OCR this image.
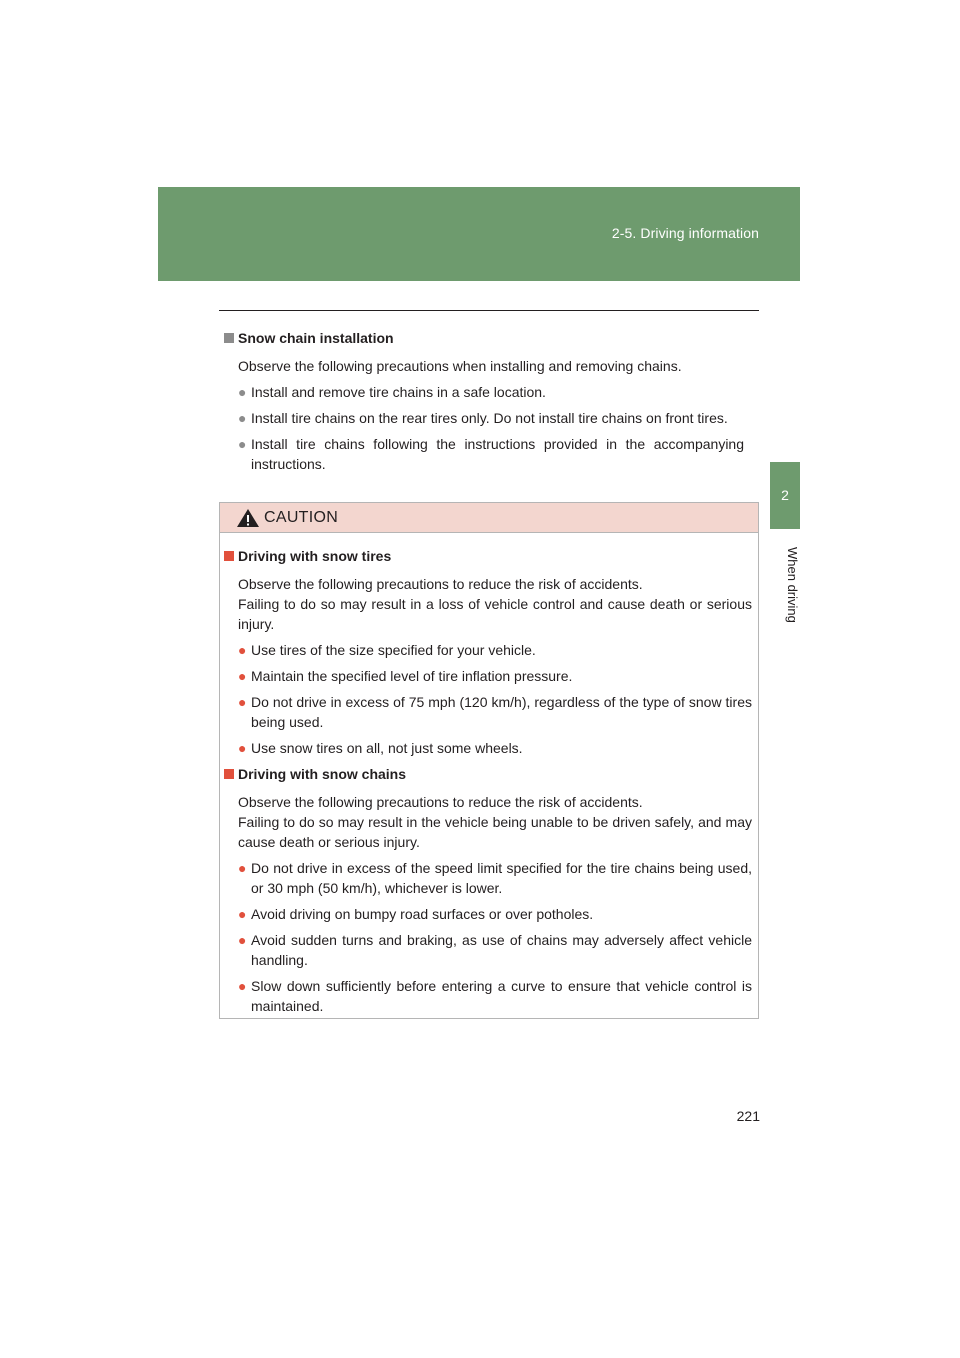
2-5. Driving information
2
When driving
Snow chain installation
Observe the following precautions when installing and removing chains.
● Install and remove tire chains in a safe location.
● Install tire chains on the rear tires only. Do not install tire chains on front tires.
● Install tire chains following the instructions provided in the accompanying instructions.
CAUTION
Driving with snow tires
Observe the following precautions to reduce the risk of accidents.
Failing to do so may result in a loss of vehicle control and cause death or serious injury.
● Use tires of the size specified for your vehicle.
● Maintain the specified level of tire inflation pressure.
● Do not drive in excess of 75 mph (120 km/h), regardless of the type of snow tires being used.
● Use snow tires on all, not just some wheels.
Driving with snow chains
Observe the following precautions to reduce the risk of accidents.
Failing to do so may result in the vehicle being unable to be driven safely, and may cause death or serious injury.
● Do not drive in excess of the speed limit specified for the tire chains being used, or 30 mph (50 km/h), whichever is lower.
● Avoid driving on bumpy road surfaces or over potholes.
● Avoid sudden turns and braking, as use of chains may adversely affect vehicle handling.
● Slow down sufficiently before entering a curve to ensure that vehicle control is maintained.
221
